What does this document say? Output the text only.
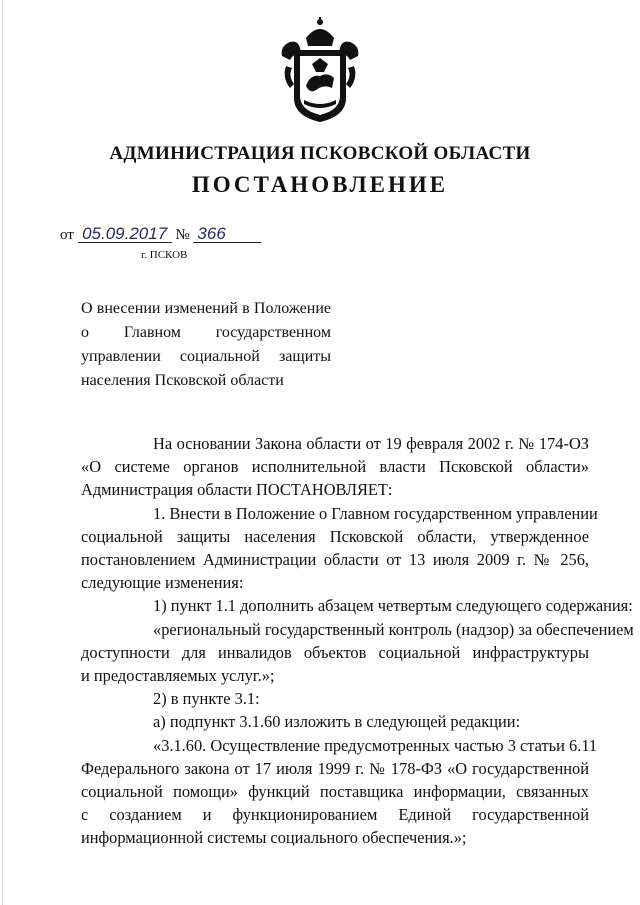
АДМИНИСТРАЦИЯ ПСКОВСКОЙ ОБЛАСТИ
ПОСТАНОВЛЕНИЕ
от 05.09.2017 № 366
г. ПСКОВ
О внесении изменений в Положение
о Главном государственном
управлении социальной защиты
населения Псковской области
На основании Закона области от 19 февраля 2002 г. № 174-ОЗ
«О системе органов исполнительной власти Псковской области»
Администрация области ПОСТАНОВЛЯЕТ:
1. Внести в Положение о Главном государственном управлении
социальной защиты населения Псковской области, утвержденное
постановлением Администрации области от 13 июля 2009 г. № 256,
следующие изменения:
1) пункт 1.1 дополнить абзацем четвертым следующего содержания:
«региональный государственный контроль (надзор) за обеспечением
доступности для инвалидов объектов социальной инфраструктуры
и предоставляемых услуг.»;
2) в пункте 3.1:
а) подпункт 3.1.60 изложить в следующей редакции:
«3.1.60. Осуществление предусмотренных частью 3 статьи 6.11
Федерального закона от 17 июля 1999 г. № 178-ФЗ «О государственной
социальной помощи» функций поставщика информации, связанных
с созданием и функционированием Единой государственной
информационной системы социального обеспечения.»;
